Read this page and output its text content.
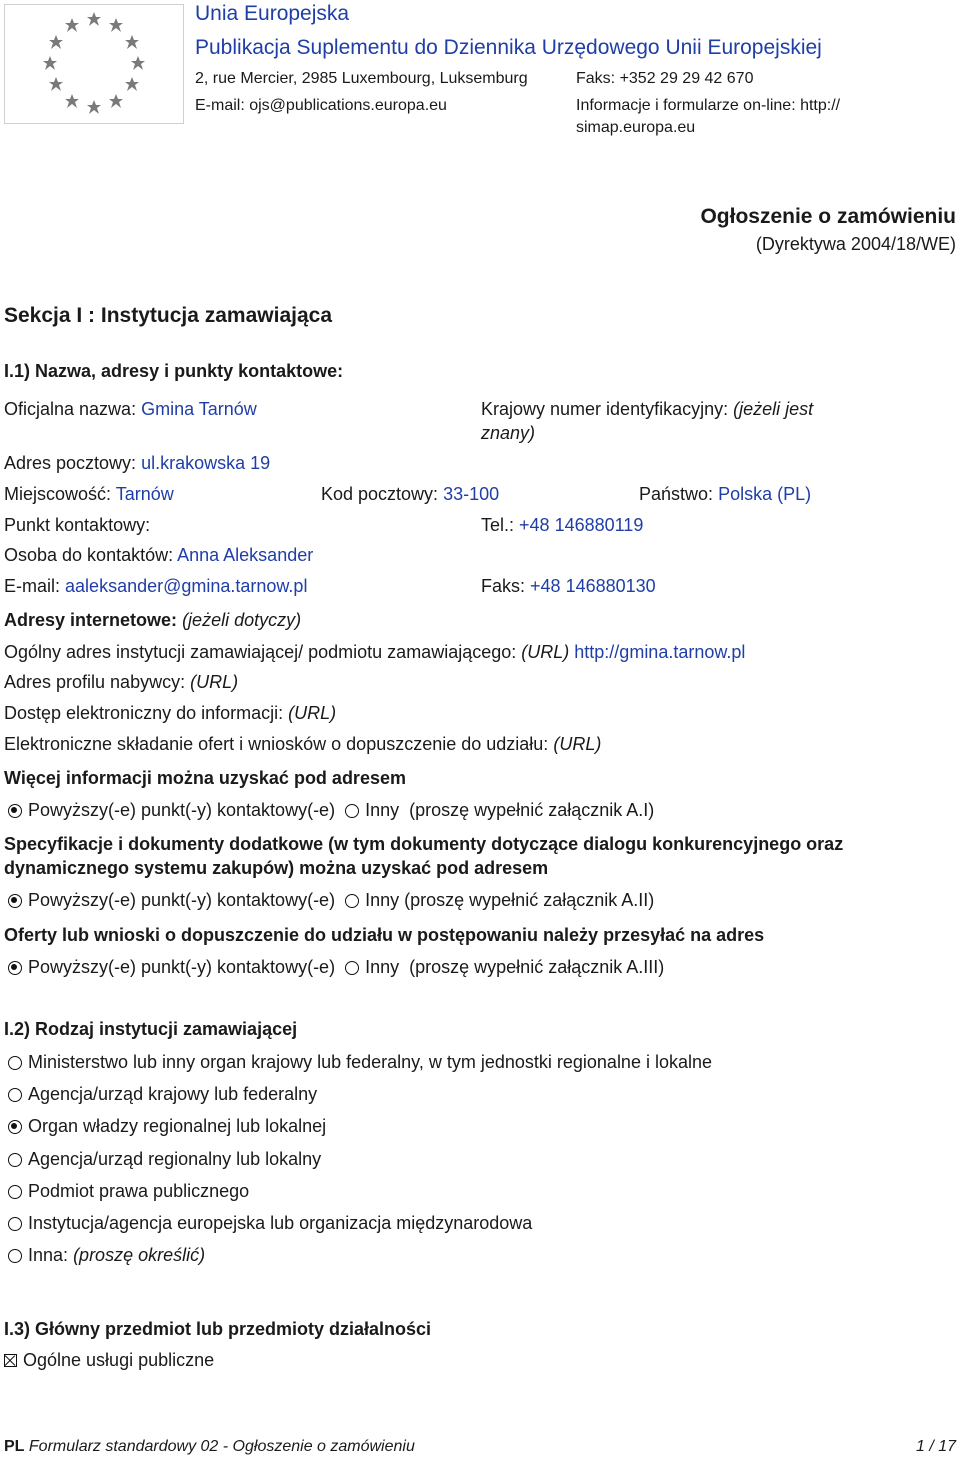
Unia Europejska
Publikacja Suplementu do Dziennika Urzędowego Unii Europejskiej
2, rue Mercier, 2985 Luxembourg, Luksemburg	Faks: +352 29 29 42 670
E-mail: ojs@publications.europa.eu	Informacje i formularze on-line: http://
simap.europa.eu
Ogłoszenie o zamówieniu
(Dyrektywa 2004/18/WE)
Sekcja I : Instytucja zamawiająca
I.1) Nazwa, adresy i punkty kontaktowe:
Oficjalna nazwa: Gmina Tarnów	Krajowy numer identyfikacyjny: (jeżeli jest
znany)
Adres pocztowy: ul.krakowska 19
Miejscowość: Tarnów	Kod pocztowy: 33-100	Państwo: Polska (PL)
Punkt kontaktowy:	Tel.: +48 146880119
Osoba do kontaktów: Anna Aleksander
E-mail: aaleksander@gmina.tarnow.pl	Faks: +48 146880130
Adresy internetowe: (jeżeli dotyczy)
Ogólny adres instytucji zamawiającej/ podmiotu zamawiającego: (URL) http://gmina.tarnow.pl
Adres profilu nabywcy: (URL)
Dostęp elektroniczny do informacji: (URL)
Elektroniczne składanie ofert i wniosków o dopuszczenie do udziału: (URL)
Więcej informacji można uzyskać pod adresem
Powyższy(-e) punkt(-y) kontaktowy(-e) Inny (proszę wypełnić załącznik A.I)
Specyfikacje i dokumenty dodatkowe (w tym dokumenty dotyczące dialogu konkurencyjnego oraz
dynamicznego systemu zakupów) można uzyskać pod adresem
Powyższy(-e) punkt(-y) kontaktowy(-e) Inny (proszę wypełnić załącznik A.II)
Oferty lub wnioski o dopuszczenie do udziału w postępowaniu należy przesyłać na adres
Powyższy(-e) punkt(-y) kontaktowy(-e) Inny (proszę wypełnić załącznik A.III)
I.2) Rodzaj instytucji zamawiającej
Ministerstwo lub inny organ krajowy lub federalny, w tym jednostki regionalne i lokalne
Agencja/urząd krajowy lub federalny
Organ władzy regionalnej lub lokalnej
Agencja/urząd regionalny lub lokalny
Podmiot prawa publicznego
Instytucja/agencja europejska lub organizacja międzynarodowa
Inna: (proszę określić)
I.3) Główny przedmiot lub przedmioty działalności
Ogólne usługi publiczne
PL Formularz standardowy 02 - Ogłoszenie o zamówieniu	1 / 17
